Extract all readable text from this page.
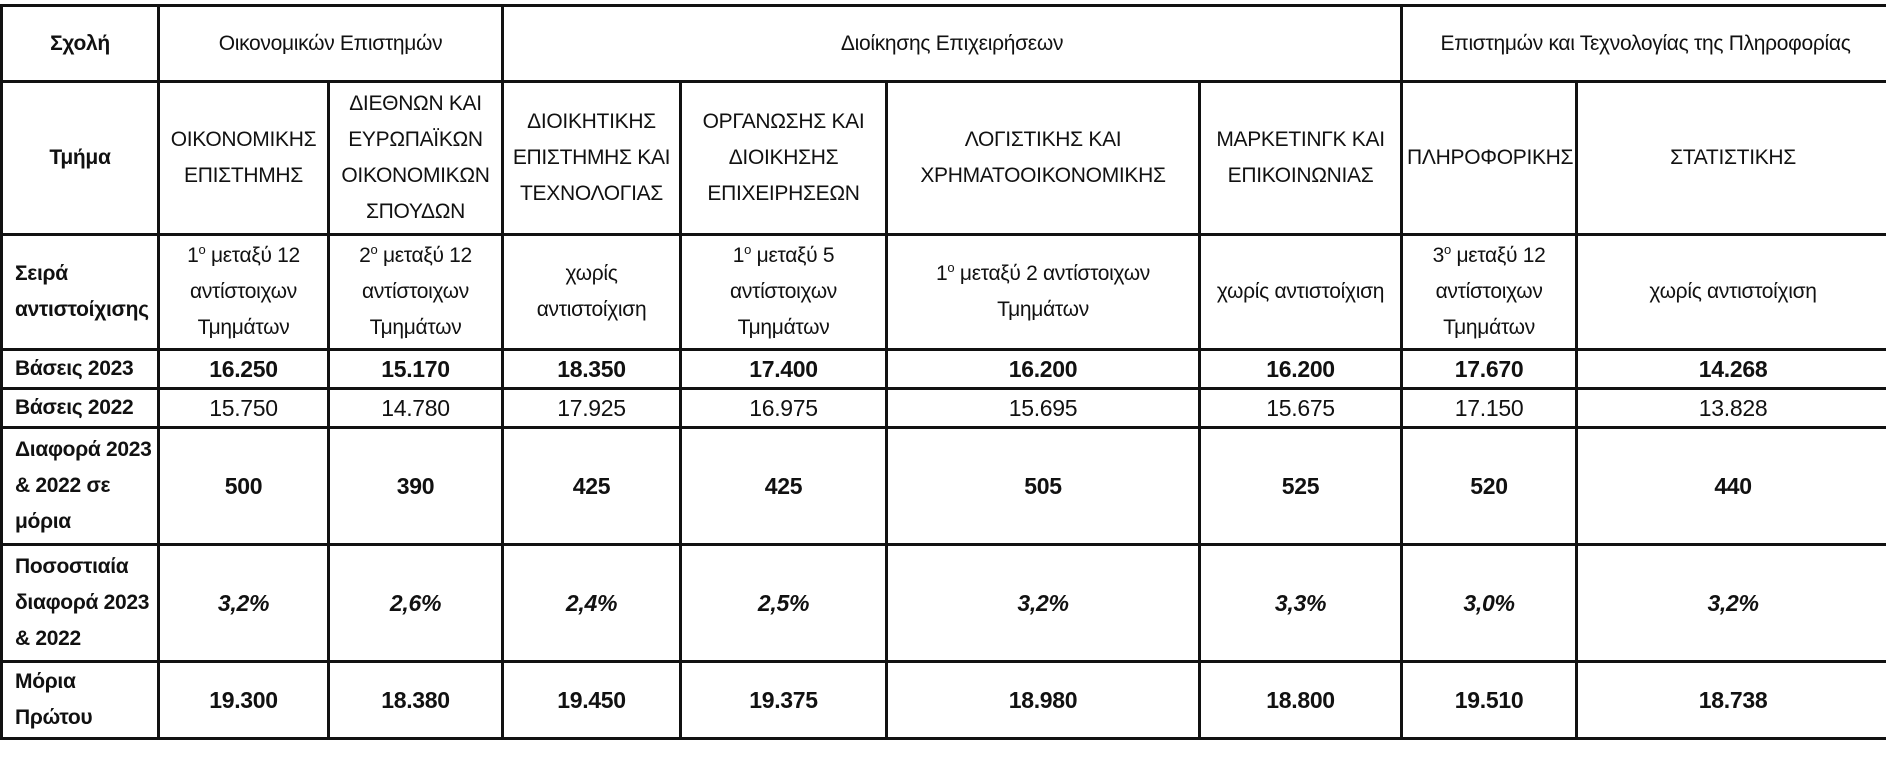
Σχολή	Οικονομικών Επιστημών		Διοίκησης Επιχειρήσεων				Επιστημών και Τεχνολογίας της Πληροφορίας	
Τμήμα	ΟΙΚΟΝΟΜΙΚΗΣ ΕΠΙΣΤΗΜΗΣ	ΔΙΕΘΝΩΝ ΚΑΙ ΕΥΡΩΠΑΪΚΩΝ ΟΙΚΟΝΟΜΙΚΩΝ ΣΠΟΥΔΩΝ	ΔΙΟΙΚΗΤΙΚΗΣ ΕΠΙΣΤΗΜΗΣ ΚΑΙ ΤΕΧΝΟΛΟΓΙΑΣ	ΟΡΓΑΝΩΣΗΣ ΚΑΙ ΔΙΟΙΚΗΣΗΣ ΕΠΙΧΕΙΡΗΣΕΩΝ	ΛΟΓΙΣΤΙΚΗΣ ΚΑΙ ΧΡΗΜΑΤΟΟΙΚΟΝΟΜΙΚΗΣ	ΜΑΡΚΕΤΙΝΓΚ ΚΑΙ ΕΠΙΚΟΙΝΩΝΙΑΣ	ΠΛΗΡΟΦΟΡΙΚΗΣ	ΣΤΑΤΙΣΤΙΚΗΣ
Σειρά αντιστοίχισης	1$^o$ μεταξύ 12 αντίστοιχων Τμημάτων	2$^o$ μεταξύ 12 αντίστοιχων Τμημάτων	χωρίς αντιστοίχιση	1$^o$ μεταξύ 5 αντίστοιχων Τμημάτων	1$^o$ μεταξύ 2 αντίστοιχων Τμημάτων	χωρίς αντιστοίχιση	3$^o$ μεταξύ 12 αντίστοιχων Τμημάτων	χωρίς αντιστοίχιση
Βάσεις 2023	16.250	15.170	18.350	17.400	16.200	16.200	17.670	14.268
Βάσεις 2022	15.750	14.780	17.925	16.975	15.695	15.675	17.150	13.828
Διαφορά 2023 & 2022 σε μόρια	500	390	425	425	505	525	520	440
Ποσοστιαία διαφορά 2023 & 2022	3,2%	2,6%	2,4%	2,5%	3,2%	3,3%	3,0%	3,2%
Μόρια Πρώτου	19.300	18.380	19.450	19.375	18.980	18.800	19.510	18.738
